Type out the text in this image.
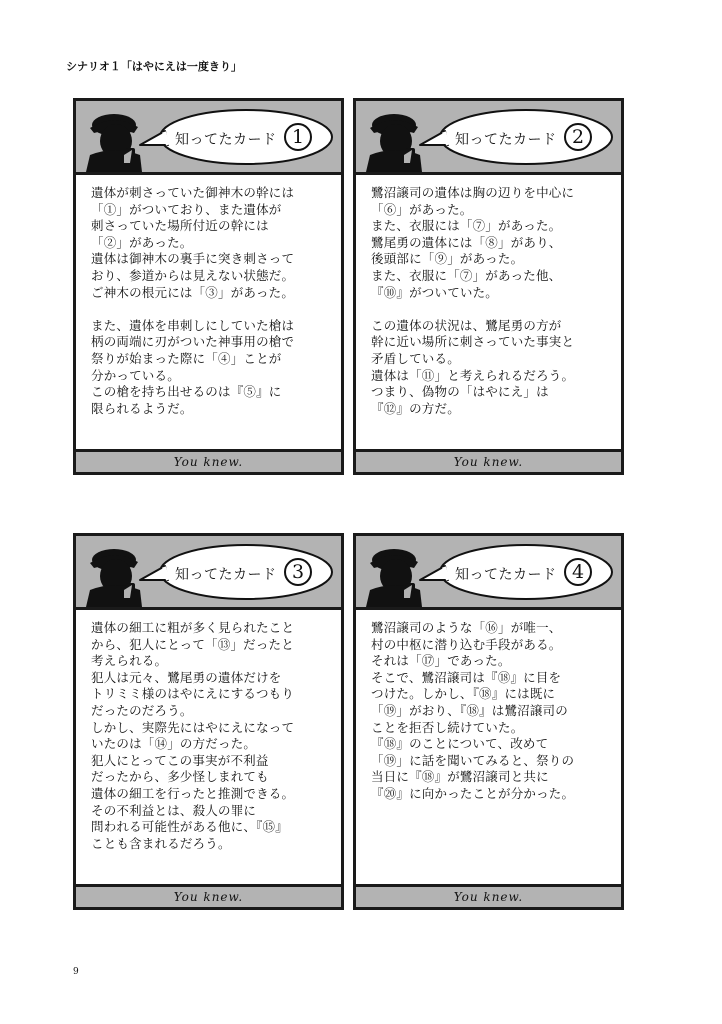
シナリオ１「はやにえは一度きり」
知ってたカード 1

遺体が刺さっていた御神木の幹には

「①」がついており、また遺体が

刺さっていた場所付近の幹には

「②」があった。

遺体は御神木の裏手に突き刺さって

おり、参道からは見えない状態だ。

ご神木の根元には「③」があった。

また、遺体を串刺しにしていた槍は

柄の両端に刃がついた神事用の槍で

祭りが始まった際に「④」ことが

分かっている。

この槍を持ち出せるのは『⑤』に

限られるようだ。

You knew.
知ってたカード 2

鷺沼譲司の遺体は胸の辺りを中心に

「⑥」があった。

また、衣服には「⑦」があった。

鷺尾勇の遺体には「⑧」があり、

後頭部に「⑨」があった。

また、衣服に「⑦」があった他、

『⑩』がついていた。

この遺体の状況は、鷺尾勇の方が

幹に近い場所に刺さっていた事実と

矛盾している。

遺体は「⑪」と考えられるだろう。

つまり、偽物の「はやにえ」は

『⑫』の方だ。

You knew.
知ってたカード 3

遺体の細工に粗が多く見られたこと

から、犯人にとって「⑬」だったと

考えられる。

犯人は元々、鷺尾勇の遺体だけを

トリミミ様のはやにえにするつもり

だったのだろう。

しかし、実際先にはやにえになって

いたのは「⑭」の方だった。

犯人にとってこの事実が不利益

だったから、多少怪しまれても

遺体の細工を行ったと推測できる。

その不利益とは、殺人の罪に

問われる可能性がある他に、『⑮』

ことも含まれるだろう。

You knew.
知ってたカード 4

鷺沼譲司のような「⑯」が唯一、

村の中枢に潜り込む手段がある。

それは「⑰」であった。

そこで、鷺沼譲司は『⑱』に目を

つけた。しかし、『⑱』には既に

「⑲」がおり、『⑱』は鷺沼譲司の

ことを拒否し続けていた。

『⑱』のことについて、改めて

「⑲」に話を聞いてみると、祭りの

当日に『⑱』が鷺沼譲司と共に

『⑳』に向かったことが分かった。

You knew.
9
